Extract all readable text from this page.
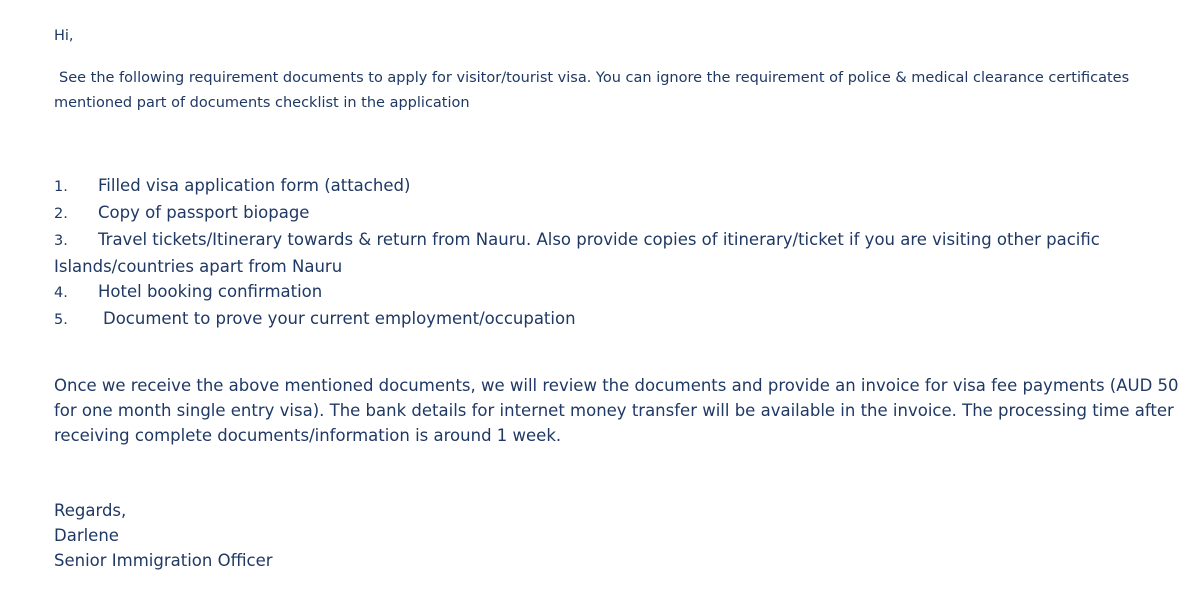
Hi,
See the following requirement documents to apply for visitor/tourist visa. You can ignore the requirement of police & medical clearance certificates mentioned part of documents checklist in the application
1. Filled visa application form (attached)
2. Copy of passport biopage
3. Travel tickets/Itinerary towards & return from Nauru. Also provide copies of itinerary/ticket if you are visiting other pacific Islands/countries apart from Nauru
4. Hotel booking confirmation
5. Document to prove your current employment/occupation
Once we receive the above mentioned documents, we will review the documents and provide an invoice for visa fee payments (AUD 50 for one month single entry visa). The bank details for internet money transfer will be available in the invoice. The processing time after receiving complete documents/information is around 1 week.
Regards,
Darlene
Senior Immigration Officer
